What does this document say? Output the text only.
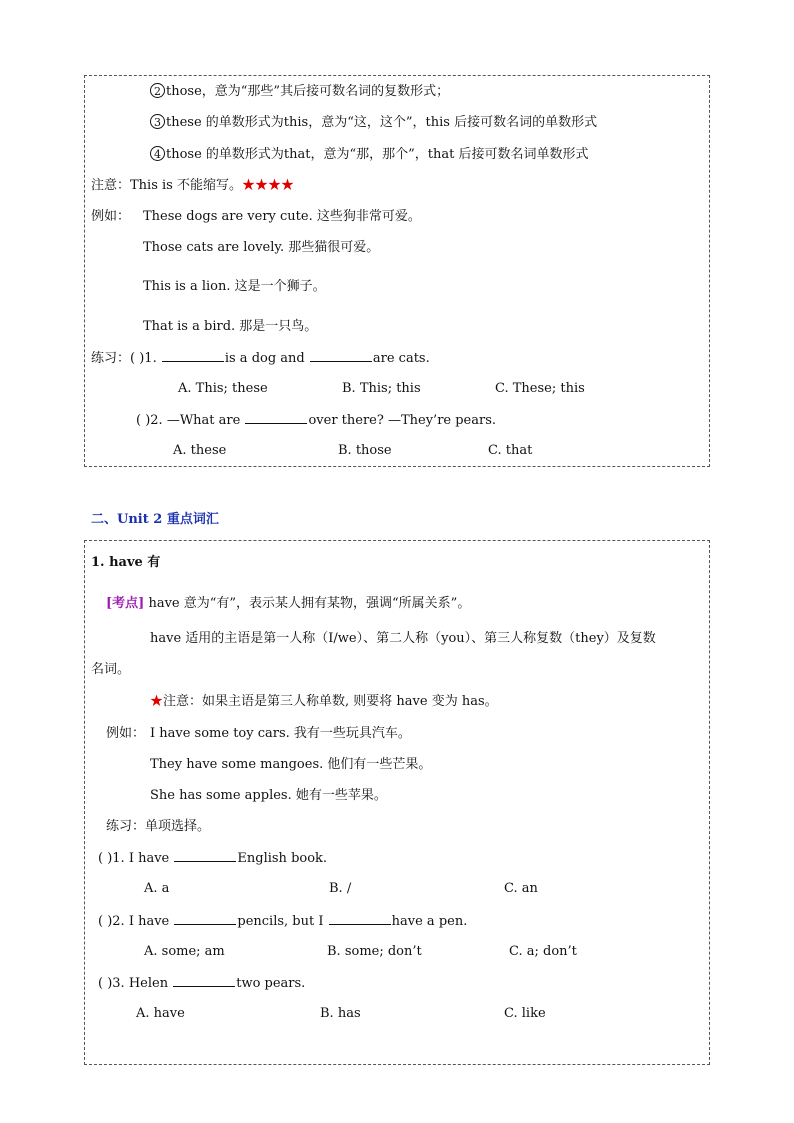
2 those，意为“那些”其后接可数名词的复数形式；
3 these 的单数形式为this，意为“这，这个”，this 后接可数名词的单数形式
4 those 的单数形式为that，意为“那，那个”，that 后接可数名词单数形式
注意：This is 不能缩写。★★★★
例如： These dogs are very cute. 这些狗非常可爱。
Those cats are lovely. 那些猫很可爱。
This is a lion. 这是一个狮子。
That is a bird. 那是一只鸟。
练习：( )1.	is a dog and	are cats.
A. This; these	B. This; this	C. These; this
( )2. —What are	over there? —They’re pears.
A. these	B. those	C. that
二、Unit 2 重点词汇
1. have 有
[考点] have 意为“有”，表示某人拥有某物，强调“所属关系”。
have 适用的主语是第一人称（I/we）、第二人称（you）、第三人称复数（they）及复数
名词。
★注意：如果主语是第三人称单数, 则要将 have 变为 has。
例如： I have some toy cars. 我有一些玩具汽车。
They have some mangoes. 他们有一些芒果。
She has some apples. 她有一些苹果。
练习：单项选择。
( )1. I have	English book.
A. a	B. /	C. an
( )2. I have	pencils, but I	have a pen.
A. some; am	B. some; don’t	C. a; don’t
( )3. Helen	two pears.
A. have	B. has	C. like
